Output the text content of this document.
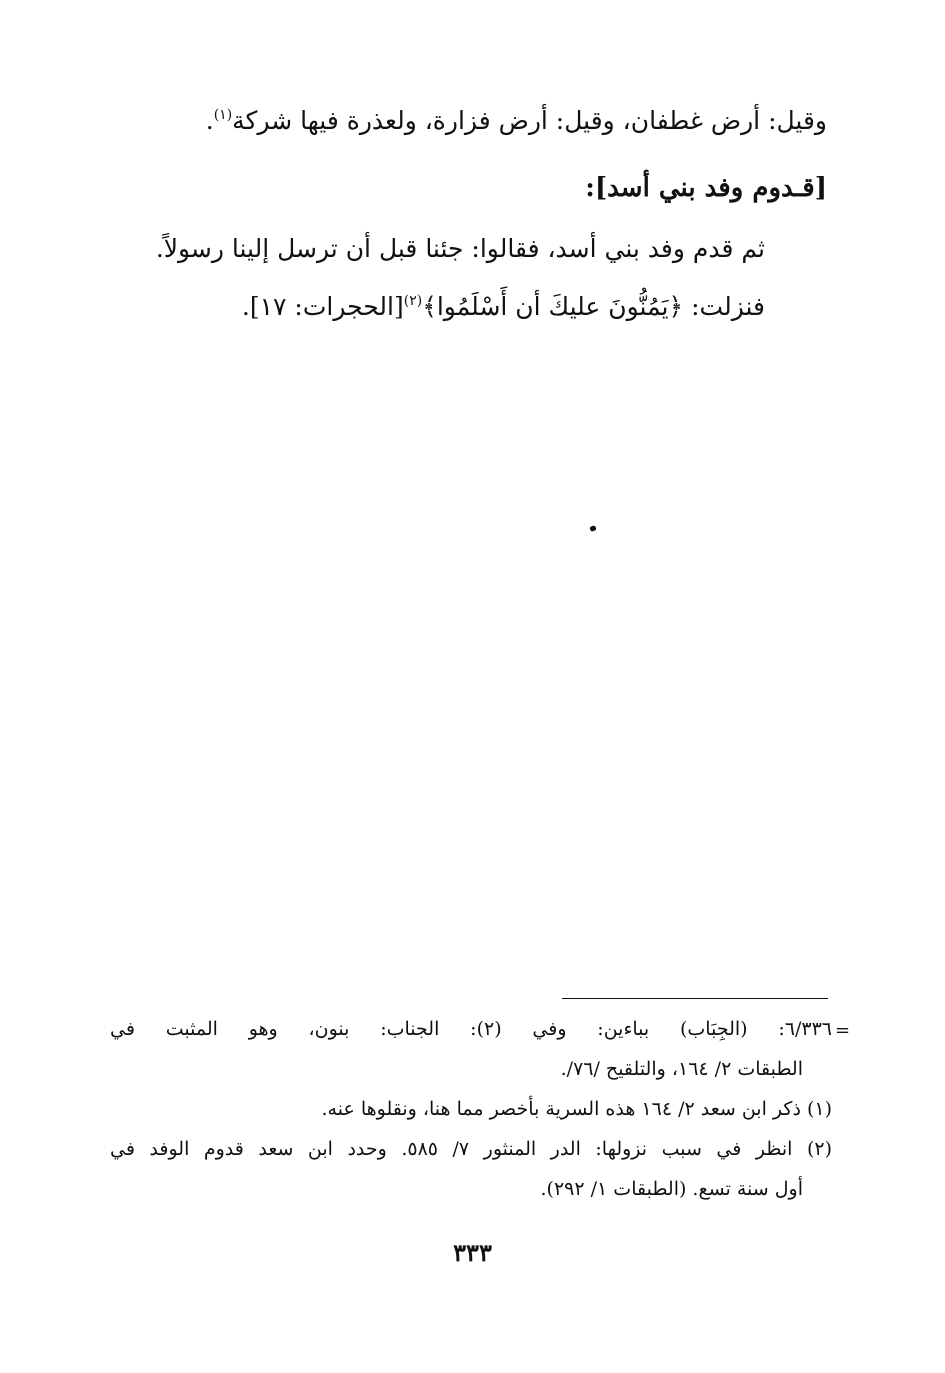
وقيل: أرض غطفان، وقيل: أرض فزارة، ولعذرة فيها شركة$^{(١)}$.

[قـدوم وفد بني أسد]:

ثم قدم وفد بني أسد، فقالوا: جئنا قبل أن ترسل إلينا رسولاً.

فنزلت: ﴿يَمُنُّونَ عليكَ أن أَسْلَمُوا﴾$^{(٢)}$[الحجرات: ١٧].

=

٦/٣٣٦: (الجِبَاب) بباءين: وفي (٢): الجناب: بنون، وهو المثبت في

الطبقات ٢/ ١٦٤، والتلقيح /٧٦/.

(١) ذكر ابن سعد ٢/ ١٦٤ هذه السرية بأخصر مما هنا، ونقلوها عنه.

(٢) انظر في سبب نزولها: الدر المنثور ٧/ ٥٨٥. وحدد ابن سعد قدوم الوفد في

أول سنة تسع. (الطبقات ١/ ٢٩٢).

٣٣٣
